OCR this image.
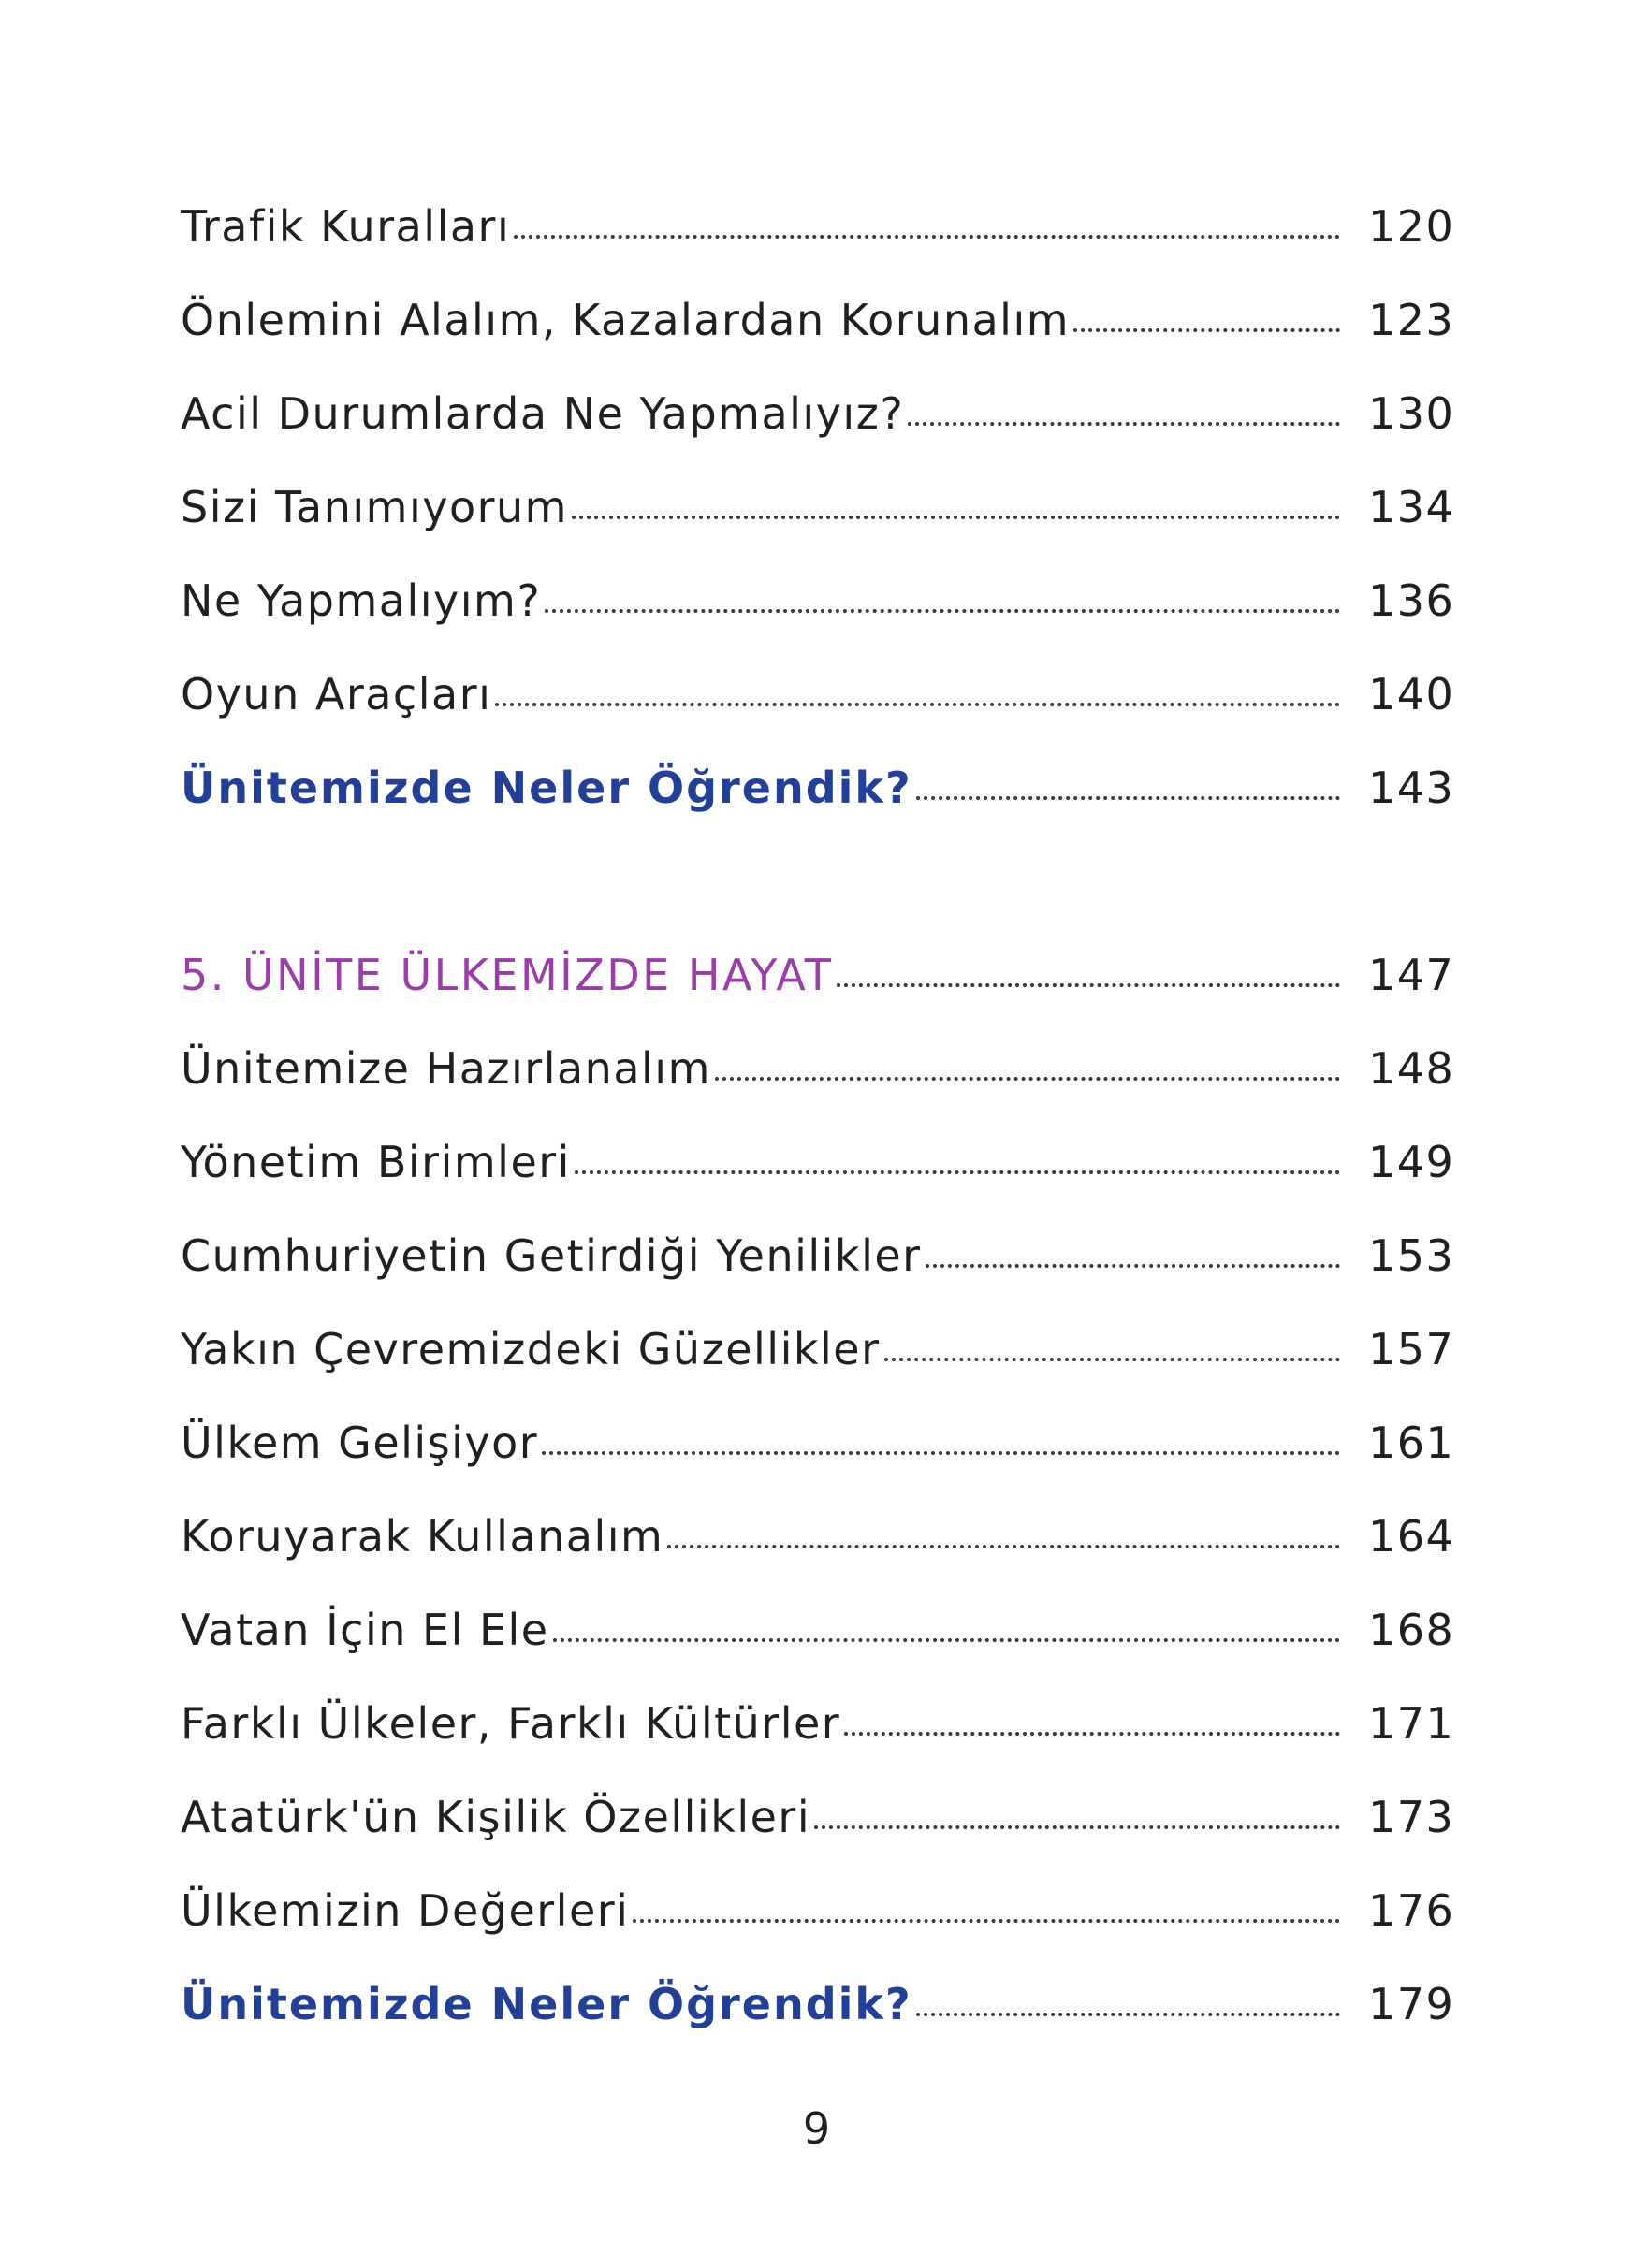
Trafik Kuralları	120
Önlemini Alalım, Kazalardan Korunalım	123
Acil Durumlarda Ne Yapmalıyız?	130
Sizi Tanımıyorum	134
Ne Yapmalıyım?	136
Oyun Araçları	140
Ünitemizde Neler Öğrendik?	143
5. ÜNİTE ÜLKEMİZDE HAYAT	147
Ünitemize Hazırlanalım	148
Yönetim Birimleri	149
Cumhuriyetin Getirdiği Yenilikler	153
Yakın Çevremizdeki Güzellikler	157
Ülkem Gelişiyor	161
Koruyarak Kullanalım	164
Vatan İçin El Ele	168
Farklı Ülkeler, Farklı Kültürler	171
Atatürk'ün Kişilik Özellikleri	173
Ülkemizin Değerleri	176
Ünitemizde Neler Öğrendik?	179
9
